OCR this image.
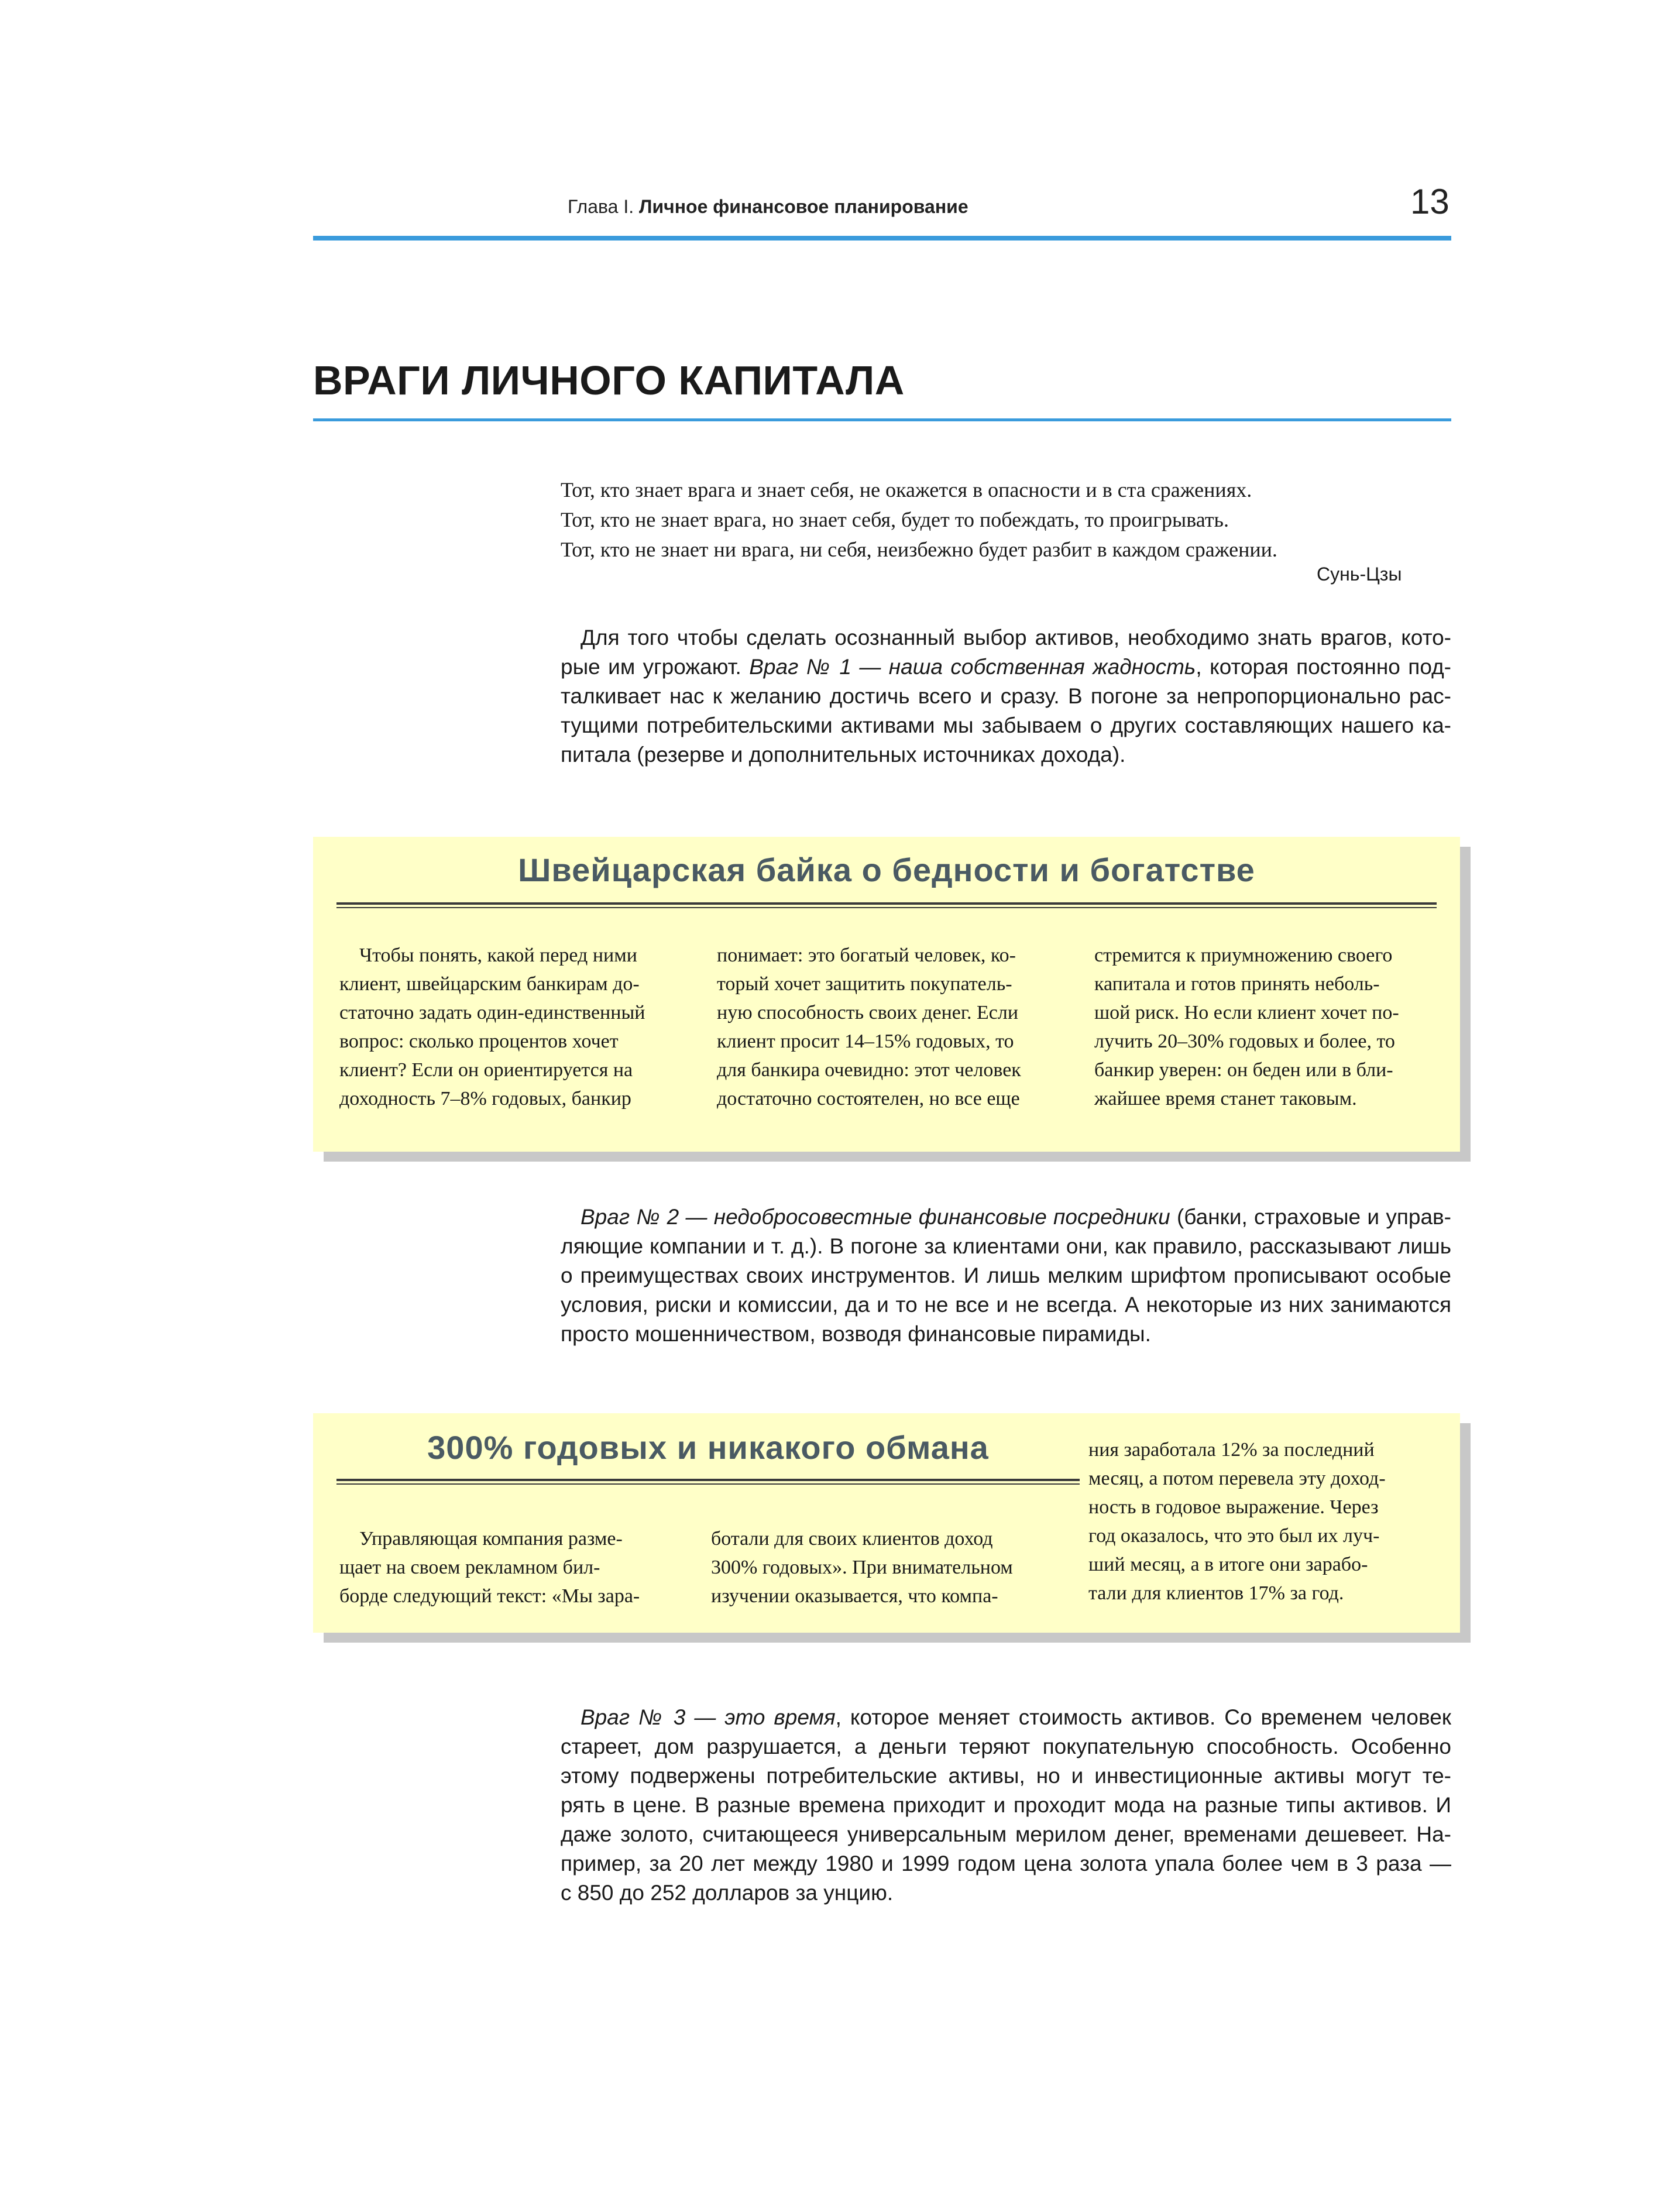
Глава I. Личное финансовое планирование	13
ВРАГИ ЛИЧНОГО КАПИТАЛА
Тот, кто знает врага и знает себя, не окажется в опасности и в ста сражениях.
Тот, кто не знает врага, но знает себя, будет то побеждать, то проигрывать.
Тот, кто не знает ни врага, ни себя, неизбежно будет разбит в каждом сражении.
Сунь-Цзы
Для того чтобы сделать осознанный выбор активов, необходимо знать врагов, кото-
рые им угрожают. Враг № 1 — наша собственная жадность, которая постоянно под-
талкивает нас к желанию достичь всего и сразу. В погоне за непропорционально рас-
тущими потребительскими активами мы забываем о других составляющих нашего ка-
питала (резерве и дополнительных источниках дохода).
Швейцарская байка о бедности и богатстве
Чтобы понять, какой перед ними
клиент, швейцарским банкирам до-
статочно задать один-единственный
вопрос: сколько процентов хочет
клиент? Если он ориентируется на
доходность 7–8% годовых, банкир
понимает: это богатый человек, ко-
торый хочет защитить покупатель-
ную способность своих денег. Если
клиент просит 14–15% годовых, то
для банкира очевидно: этот человек
достаточно состоятелен, но все еще
стремится к приумножению своего
капитала и готов принять неболь-
шой риск. Но если клиент хочет по-
лучить 20–30% годовых и более, то
банкир уверен: он беден или в бли-
жайшее время станет таковым.
Враг № 2 — недобросовестные финансовые посредники (банки, страховые и управ-
ляющие компании и т. д.). В погоне за клиентами они, как правило, рассказывают лишь
о преимуществах своих инструментов. И лишь мелким шрифтом прописывают особые
условия, риски и комиссии, да и то не все и не всегда. А некоторые из них занимаются
просто мошенничеством, возводя финансовые пирамиды.
300% годовых и никакого обмана
Управляющая компания разме-
щает на своем рекламном бил-
борде следующий текст: «Мы зара-
ботали для своих клиентов доход
300% годовых». При внимательном
изучении оказывается, что компа-
ния заработала 12% за последний
месяц, а потом перевела эту доход-
ность в годовое выражение. Через
год оказалось, что это был их луч-
ший месяц, а в итоге они зарабо-
тали для клиентов 17% за год.
Враг № 3 — это время, которое меняет стоимость активов. Со временем человек
стареет, дом разрушается, а деньги теряют покупательную способность. Особенно
этому подвержены потребительские активы, но и инвестиционные активы могут те-
рять в цене. В разные времена приходит и проходит мода на разные типы активов. И
даже золото, считающееся универсальным мерилом денег, временами дешевеет. На-
пример, за 20 лет между 1980 и 1999 годом цена золота упала более чем в 3 раза —
с 850 до 252 долларов за унцию.
